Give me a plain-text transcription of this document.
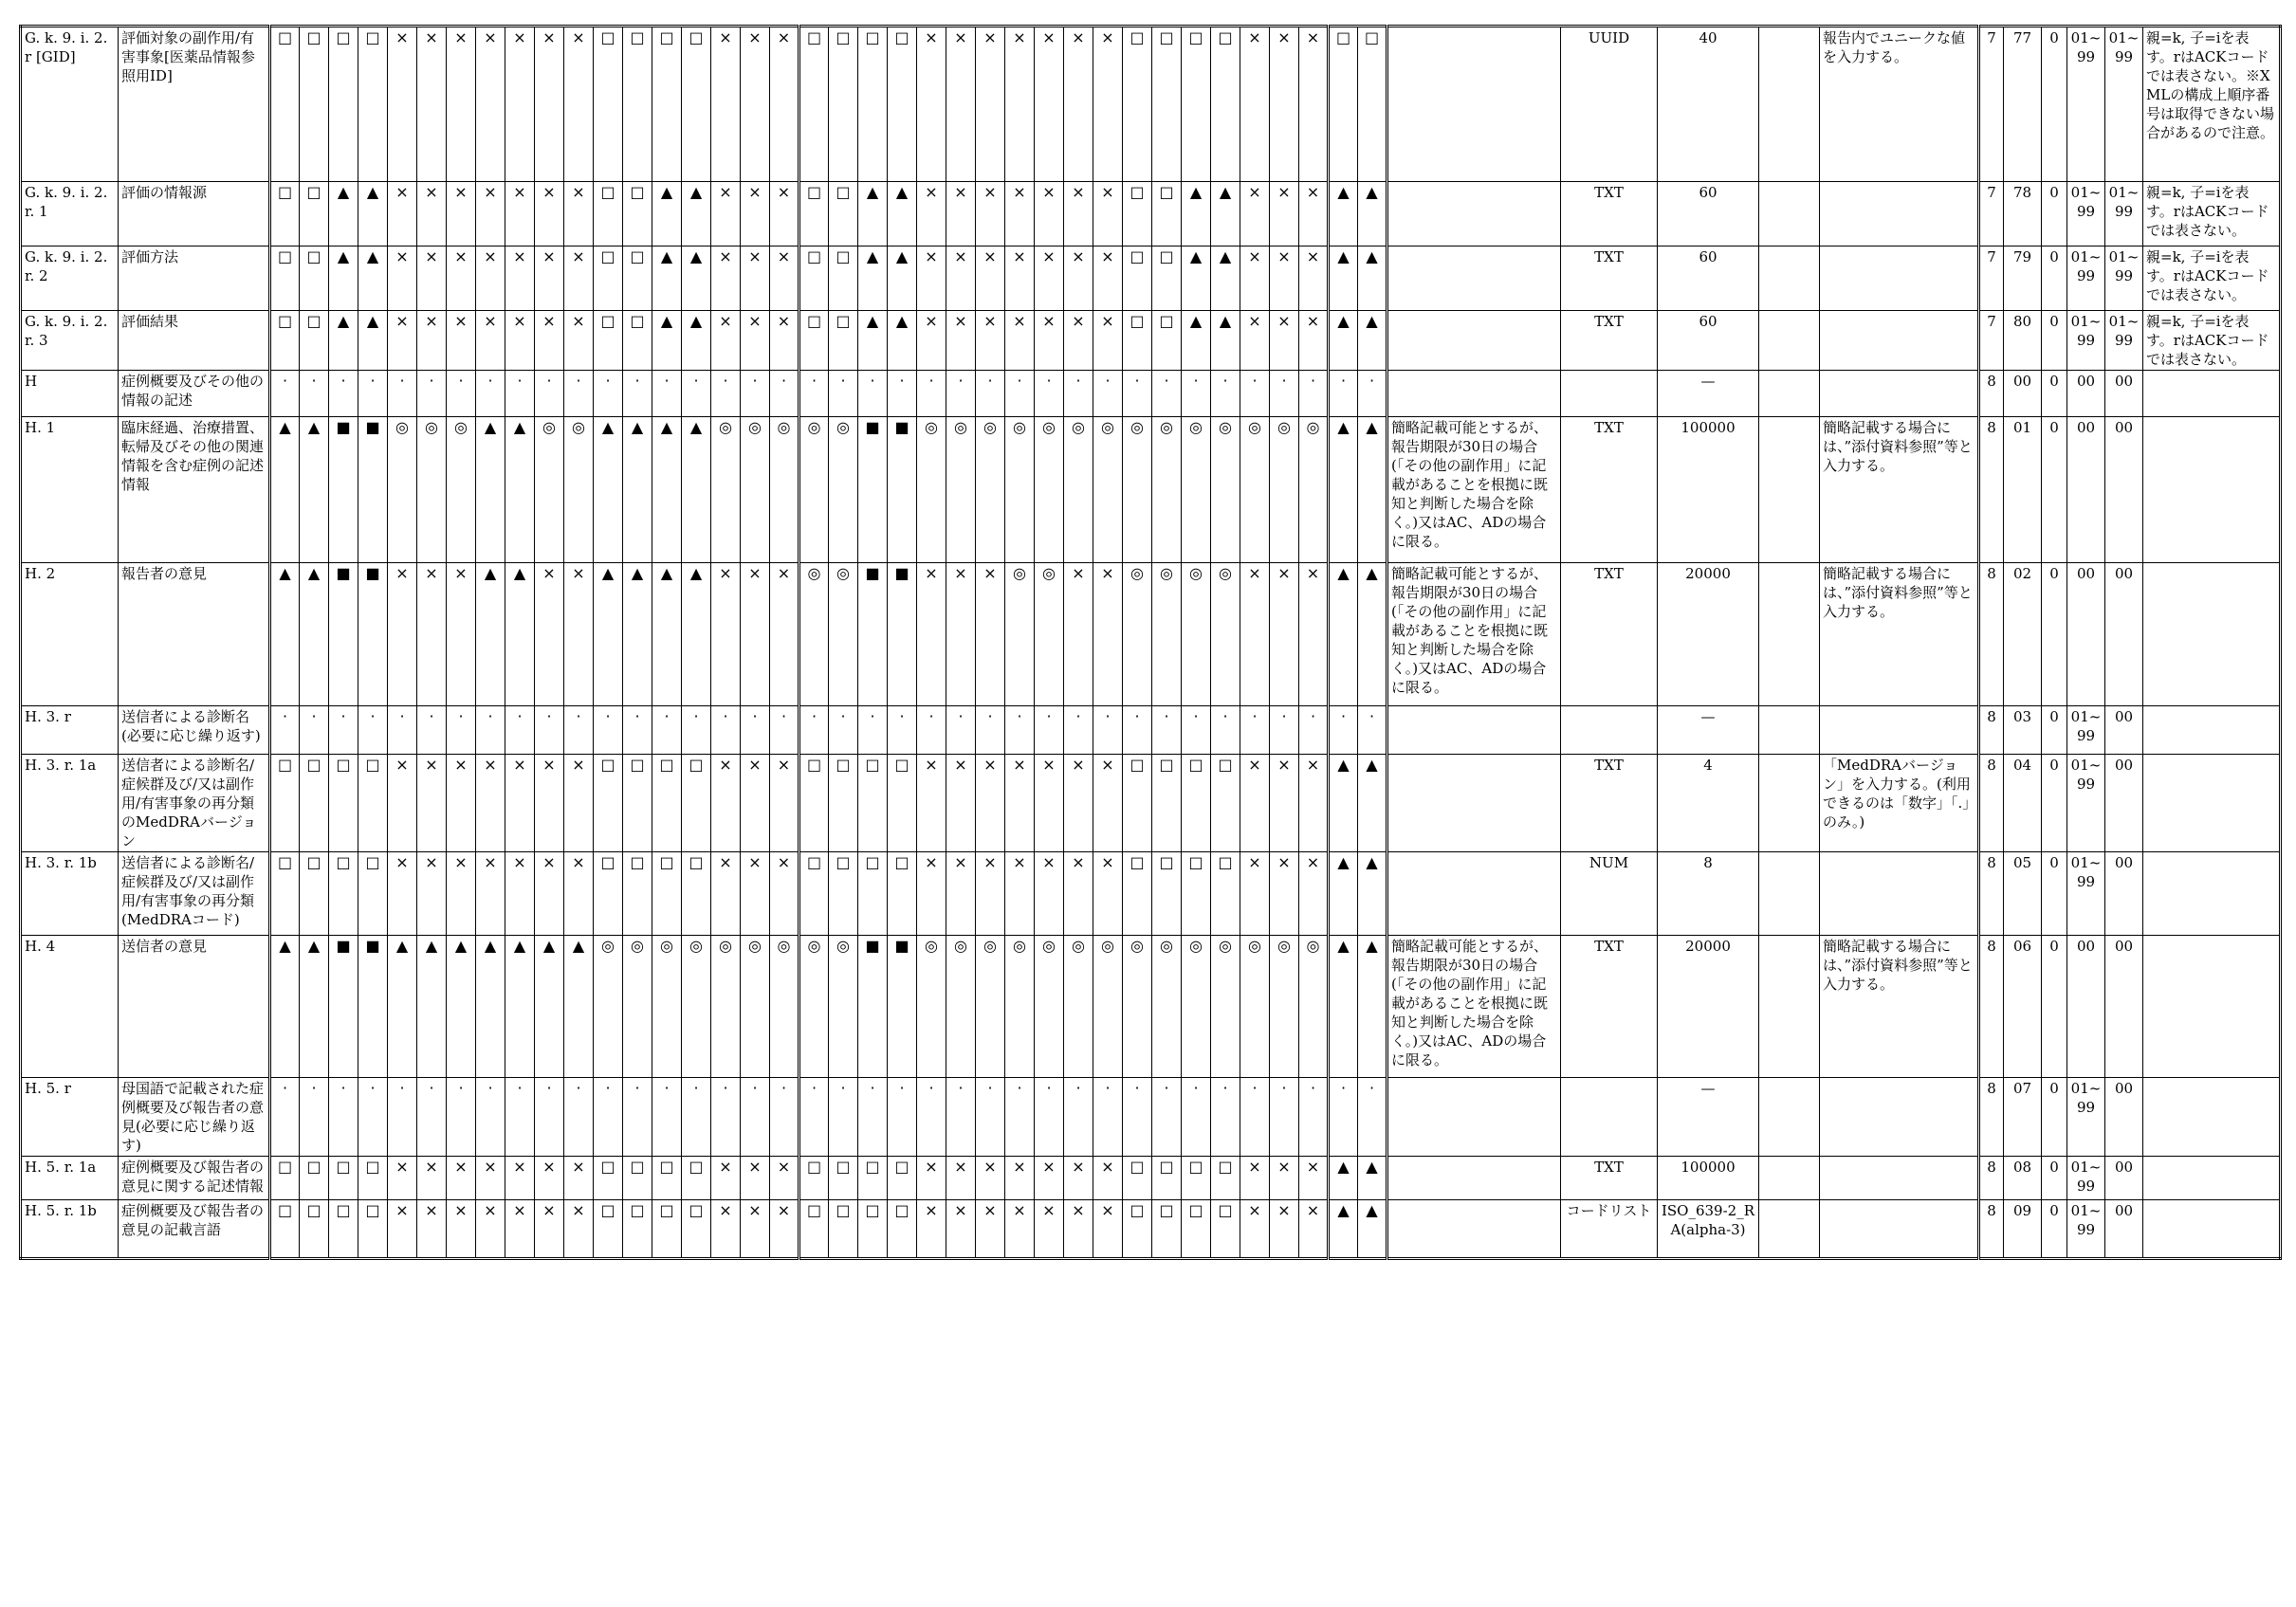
G. k. 9. i. 2. r [GID]	評価対象の副作用/有害事象[医薬品情報参照用ID]	□	□	□	□	×	×	×	×	×	×	×	□	□	□	□	×	×	×	□	□	□	□	×	×	×	×	×	×	×	□	□	□	□	×	×	×	□	□		UUID	40		報告内でユニークな値を入力する。	7	77	0	01~99	01~99	親=k, 子=iを表す。rはACKコードでは表さない。※XMLの構成上順序番号は取得できない場合があるので注意。
G. k. 9. i. 2. r. 1	評価の情報源	□	□	▲	▲	×	×	×	×	×	×	×	□	□	▲	▲	×	×	×	□	□	▲	▲	×	×	×	×	×	×	×	□	□	▲	▲	×	×	×	▲	▲		TXT	60			7	78	0	01~99	01~99	親=k, 子=iを表す。rはACKコードでは表さない。
G. k. 9. i. 2. r. 2	評価方法	□	□	▲	▲	×	×	×	×	×	×	×	□	□	▲	▲	×	×	×	□	□	▲	▲	×	×	×	×	×	×	×	□	□	▲	▲	×	×	×	▲	▲		TXT	60			7	79	0	01~99	01~99	親=k, 子=iを表す。rはACKコードでは表さない。
G. k. 9. i. 2. r. 3	評価結果	□	□	▲	▲	×	×	×	×	×	×	×	□	□	▲	▲	×	×	×	□	□	▲	▲	×	×	×	×	×	×	×	□	□	▲	▲	×	×	×	▲	▲		TXT	60			7	80	0	01~99	01~99	親=k, 子=iを表す。rはACKコードでは表さない。
H	症例概要及びその他の情報の記述	·	·	·	·	·	·	·	·	·	·	·	·	·	·	·	·	·	·	·	·	·	·	·	·	·	·	·	·	·	·	·	·	·	·	·	·	·	·			—			8	00	0	00	00	
H. 1	臨床経過、治療措置、転帰及びその他の関連情報を含む症例の記述情報	▲	▲	■	■	◎	◎	◎	▲	▲	◎	◎	▲	▲	▲	▲	◎	◎	◎	◎	◎	■	■	◎	◎	◎	◎	◎	◎	◎	◎	◎	◎	◎	◎	◎	◎	▲	▲	簡略記載可能とするが、報告期限が30日の場合(「その他の副作用」に記載があることを根拠に既知と判断した場合を除く。)又はAC、ADの場合に限る。	TXT	100000		簡略記載する場合には、”添付資料参照”等と入力する。	8	01	0	00	00	
H. 2	報告者の意見	▲	▲	■	■	×	×	×	▲	▲	×	×	▲	▲	▲	▲	×	×	×	◎	◎	■	■	×	×	×	◎	◎	×	×	◎	◎	◎	◎	×	×	×	▲	▲	簡略記載可能とするが、報告期限が30日の場合(「その他の副作用」に記載があることを根拠に既知と判断した場合を除く。)又はAC、ADの場合に限る。	TXT	20000		簡略記載する場合には、”添付資料参照”等と入力する。	8	02	0	00	00	
H. 3. r	送信者による診断名(必要に応じ繰り返す)	·	·	·	·	·	·	·	·	·	·	·	·	·	·	·	·	·	·	·	·	·	·	·	·	·	·	·	·	·	·	·	·	·	·	·	·	·	·			—			8	03	0	01~99	00	
H. 3. r. 1a	送信者による診断名/症候群及び/又は副作用/有害事象の再分類のMedDRAバージョン	□	□	□	□	×	×	×	×	×	×	×	□	□	□	□	×	×	×	□	□	□	□	×	×	×	×	×	×	×	□	□	□	□	×	×	×	▲	▲		TXT	4		「MedDRAバージョン」を入力する。(利用できるのは「数字」「.」のみ。)	8	04	0	01~99	00	
H. 3. r. 1b	送信者による診断名/症候群及び/又は副作用/有害事象の再分類(MedDRAコード)	□	□	□	□	×	×	×	×	×	×	×	□	□	□	□	×	×	×	□	□	□	□	×	×	×	×	×	×	×	□	□	□	□	×	×	×	▲	▲		NUM	8			8	05	0	01~99	00	
H. 4	送信者の意見	▲	▲	■	■	▲	▲	▲	▲	▲	▲	▲	◎	◎	◎	◎	◎	◎	◎	◎	◎	■	■	◎	◎	◎	◎	◎	◎	◎	◎	◎	◎	◎	◎	◎	◎	▲	▲	簡略記載可能とするが、報告期限が30日の場合(「その他の副作用」に記載があることを根拠に既知と判断した場合を除く。)又はAC、ADの場合に限る。	TXT	20000		簡略記載する場合には、”添付資料参照”等と入力する。	8	06	0	00	00	
H. 5. r	母国語で記載された症例概要及び報告者の意見(必要に応じ繰り返す)	·	·	·	·	·	·	·	·	·	·	·	·	·	·	·	·	·	·	·	·	·	·	·	·	·	·	·	·	·	·	·	·	·	·	·	·	·	·			—			8	07	0	01~99	00	
H. 5. r. 1a	症例概要及び報告者の意見に関する記述情報	□	□	□	□	×	×	×	×	×	×	×	□	□	□	□	×	×	×	□	□	□	□	×	×	×	×	×	×	×	□	□	□	□	×	×	×	▲	▲		TXT	100000			8	08	0	01~99	00	
H. 5. r. 1b	症例概要及び報告者の意見の記載言語	□	□	□	□	×	×	×	×	×	×	×	□	□	□	□	×	×	×	□	□	□	□	×	×	×	×	×	×	×	□	□	□	□	×	×	×	▲	▲		コードリスト	ISO_639-2_RA(alpha-3)			8	09	0	01~99	00	
